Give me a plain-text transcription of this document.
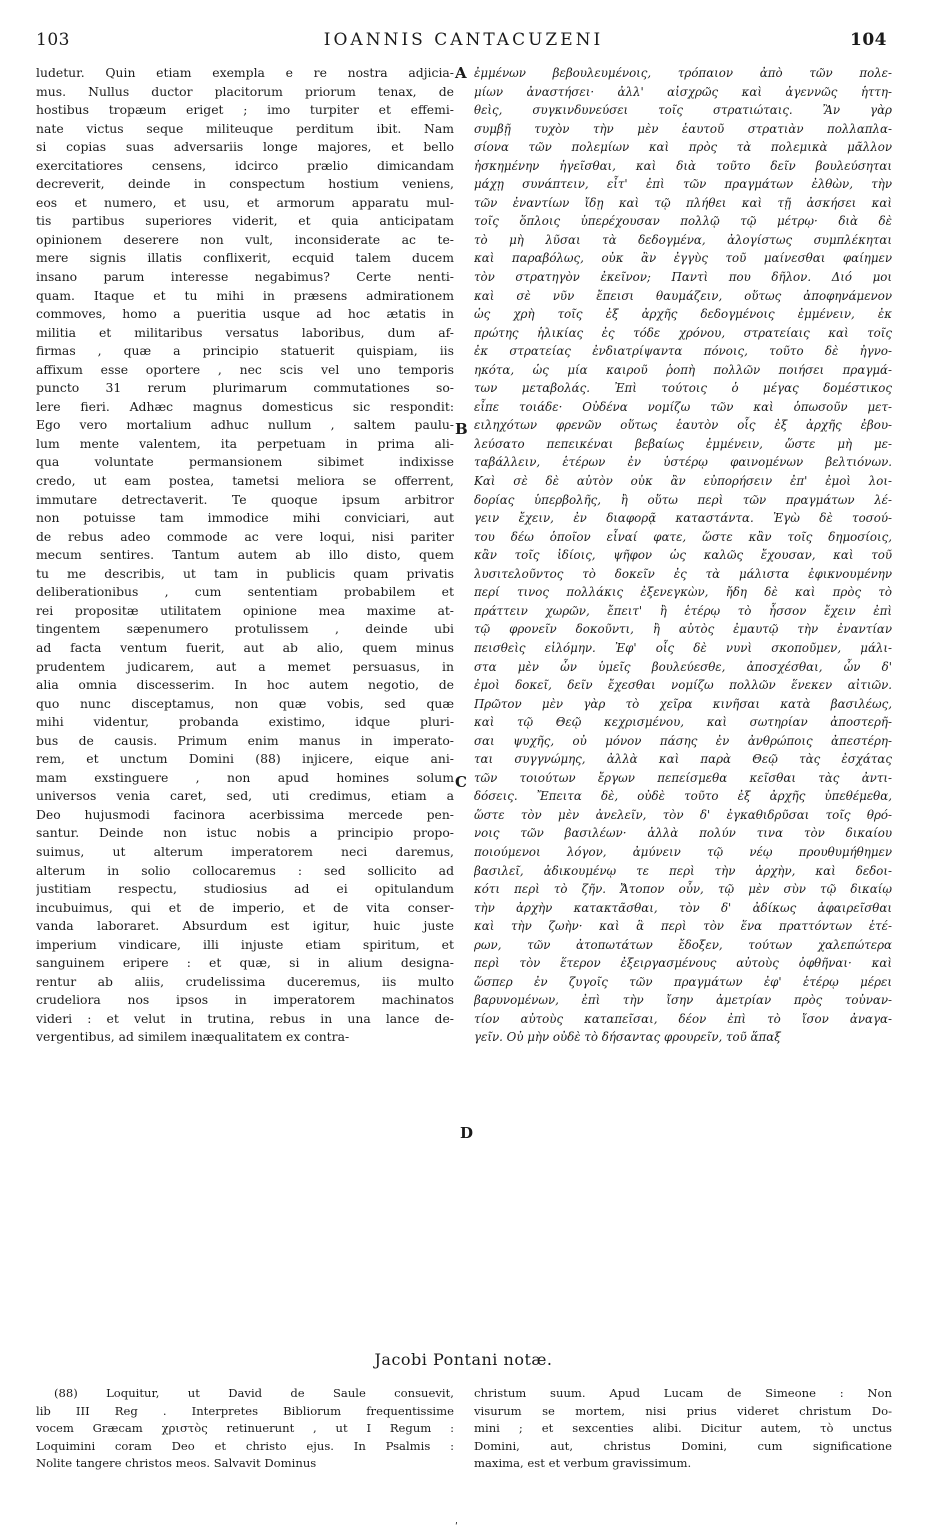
103	IOANNIS CANTACUZENI	104
ludetur. Quin etiam exempla e re nostra adjicia-
mus. Nullus ductor placitorum priorum tenax, de
hostibus tropæum eriget ; imo turpiter et effemi-
nate victus seque militeuque perditum ibit. Nam
si copias suas adversariis longe majores, et bello
exercitatiores censens, idcirco prælio dimicandam
decreverit, deinde in conspectum hostium veniens,
eos et numero, et usu, et armorum apparatu mul-
tis partibus superiores viderit, et quia anticipatam
opinionem deserere non vult, inconsiderate ac te-
mere signis illatis conflixerit, ecquid talem ducem
insano parum interesse negabimus? Certe nenti-
quam. Itaque et tu mihi in præsens admirationem
commoves, homo a pueritia usque ad hoc ætatis in
militia et militaribus versatus laboribus, dum af-
firmas , quæ a principio statuerit quispiam, iis
affixum esse oportere , nec scis vel uno temporis
puncto 31 rerum plurimarum commutationes so-
lere fieri. Adhæc magnus domesticus sic respondit:
Ego vero mortalium adhuc nullum , saltem paulu-
lum mente valentem, ita perpetuam in prima ali-
qua voluntate permansionem sibimet indixisse
credo, ut eam postea, tametsi meliora se offerrent,
immutare detrectaverit. Te quoque ipsum arbitror
non potuisse tam immodice mihi conviciari, aut
de rebus adeo commode ac vere loqui, nisi pariter
mecum sentires. Tantum autem ab illo disto, quem
tu me describis, ut tam in publicis quam privatis
deliberationibus , cum sententiam probabilem et
rei propositæ utilitatem opinione mea maxime at-
tingentem sæpenumero protulissem , deinde ubi
ad facta ventum fuerit, aut ab alio, quem minus
prudentem judicarem, aut a memet persuasus, in
alia omnia discesserim. In hoc autem negotio, de
quo nunc disceptamus, non quæ vobis, sed quæ
mihi videntur, probanda existimo, idque pluri-
bus de causis. Primum enim manus in imperato-
rem, et unctum Domini (88) injicere, eique ani-
mam exstinguere , non apud homines solum
universos venia caret, sed, uti credimus, etiam a
Deo hujusmodi facinora acerbissima mercede pen-
santur. Deinde non istuc nobis a principio propo-
suimus, ut alterum imperatorem neci daremus,
alterum in solio collocaremus : sed sollicito ad
justitiam respectu, studiosius ad ei opitulandum
incubuimus, qui et de imperio, et de vita conser-
vanda laboraret. Absurdum est igitur, huic juste
imperium vindicare, illi injuste etiam spiritum, et
sanguinem eripere : et quæ, si in alium designa-
rentur ab aliis, crudelissima duceremus, iis multo
crudeliora nos ipsos in imperatorem machinatos
videri : et velut in trutina, rebus in una lance de-
vergentibus, ad similem inæqualitatem ex contra-
ἐμμένων βεβουλευμένοις, τρόπαιον ἀπὸ τῶν πολε-
μίων ἀναστήσει· ἀλλ' αἰσχρῶς καὶ ἀγεννῶς ἡττη-
θεὶς, συγκινδυνεύσει τοῖς στρατιώταις. Ἂν γὰρ
συμβῇ τυχὸν τὴν μὲν ἑαυτοῦ στρατιὰν πολλαπλα-
σίονα τῶν πολεμίων καὶ πρὸς τὰ πολεμικὰ μᾶλλον
ἠσκημένην ἡγεῖσθαι, καὶ διὰ τοῦτο δεῖν βουλεύσηται
μάχῃ συνάπτειν, εἶτ' ἐπὶ τῶν πραγμάτων ἐλθὼν, τὴν
τῶν ἐναντίων ἴδῃ καὶ τῷ πλήθει καὶ τῇ ἀσκήσει καὶ
τοῖς ὅπλοις ὑπερέχουσαν πολλῷ τῷ μέτρῳ· διὰ δὲ
τὸ μὴ λῦσαι τὰ δεδογμένα, ἀλογίστως συμπλέκηται
καὶ παραβόλως, οὐκ ἂν ἐγγὺς τοῦ μαίνεσθαι φαίημεν
τὸν στρατηγὸν ἐκεῖνον; Παντὶ που δῆλον. Διό μοι
καὶ σὲ νῦν ἔπεισι θαυμάζειν, οὕτως ἀποφηνάμενον
ὡς χρὴ τοῖς ἐξ ἀρχῆς δεδογμένοις ἐμμένειν, ἐκ
πρώτης ἡλικίας ἐς τόδε χρόνου, στρατείαις καὶ τοῖς
ἐκ στρατείας ἐνδιατρίψαντα πόνοις, τοῦτο δὲ ἠγνο-
ηκότα, ὡς μία καιροῦ ῥοπὴ πολλῶν ποιήσει πραγμά-
των μεταβολάς. Ἐπὶ τούτοις ὁ μέγας δομέστικος
εἶπε τοιάδε· Οὐδένα νομίζω τῶν καὶ ὁπωσοῦν μετ-
ειληχότων φρενῶν οὕτως ἑαυτὸν οἷς ἐξ ἀρχῆς ἐβου-
λεύσατο πεπεικέναι βεβαίως ἐμμένειν, ὥστε μὴ με-
ταβάλλειν, ἑτέρων ἐν ὑστέρῳ φαινομένων βελτιόνων.
Καὶ σὲ δὲ αὐτὸν οὐκ ἂν εὐπορήσειν ἐπ' ἐμοὶ λοι-
δορίας ὑπερβολῆς, ἢ οὕτω περὶ τῶν πραγμάτων λέ-
γειν ἔχειν, ἐν διαφορᾷ καταστάντα. Ἐγὼ δὲ τοσού-
του δέω ὁποῖον εἶναί φατε, ὥστε κἂν τοῖς δημοσίοις,
κἂν τοῖς ἰδίοις, ψῆφον ὡς καλῶς ἔχουσαν, καὶ τοῦ
λυσιτελοῦντος τὸ δοκεῖν ἐς τὰ μάλιστα ἐφικνουμένην
περί τινος πολλάκις ἐξενεγκὼν, ἤδη δὲ καὶ πρὸς τὸ
πράττειν χωρῶν, ἔπειτ' ἢ ἑτέρῳ τὸ ἧσσον ἔχειν ἐπὶ
τῷ φρονεῖν δοκοῦντι, ἢ αὐτὸς ἐμαυτῷ τὴν ἐναντίαν
πεισθεὶς εἱλόμην. Ἐφ' οἷς δὲ νυνὶ σκοποῦμεν, μάλι-
στα μὲν ὧν ὑμεῖς βουλεύεσθε, ἀποσχέσθαι, ὧν δ'
ἐμοὶ δοκεῖ, δεῖν ἔχεσθαι νομίζω πολλῶν ἕνεκεν αἰτιῶν.
Πρῶτον μὲν γὰρ τὸ χεῖρα κινῆσαι κατὰ βασιλέως,
καὶ τῷ Θεῷ κεχρισμένου, καὶ σωτηρίαν ἀποστερῆ-
σαι ψυχῆς, οὐ μόνον πάσης ἐν ἀνθρώποις ἀπεστέρη-
ται συγγνώμης, ἀλλὰ καὶ παρὰ Θεῷ τὰς ἐσχάτας
τῶν τοιούτων ἔργων πεπείσμεθα κεῖσθαι τὰς ἀντι-
δόσεις. Ἔπειτα δὲ, οὐδὲ τοῦτο ἐξ ἀρχῆς ὑπεθέμεθα,
ὥστε τὸν μὲν ἀνελεῖν, τὸν δ' ἐγκαθιδρῦσαι τοῖς θρό-
νοις τῶν βασιλέων· ἀλλὰ πολύν τινα τὸν δικαίου
ποιούμενοι λόγον, ἀμύνειν τῷ νέῳ προυθυμήθημεν
βασιλεῖ, ἀδικουμένῳ τε περὶ τὴν ἀρχὴν, καὶ δεδοι-
κότι περὶ τὸ ζῆν. Ἄτοπον οὖν, τῷ μὲν σὺν τῷ δικαίῳ
τὴν ἀρχὴν κατακτᾶσθαι, τὸν δ' ἀδίκως ἀφαιρεῖσθαι
καὶ τὴν ζωὴν· καὶ ἃ περὶ τὸν ἕνα πραττόντων ἑτέ-
ρων, τῶν ἀτοπωτάτων ἔδοξεν, τούτων χαλεπώτερα
περὶ τὸν ἕτερον ἐξειργασμένους αὐτοὺς ὀφθῆναι· καὶ
ὥσπερ ἐν ζυγοῖς τῶν πραγμάτων ἐφ' ἑτέρῳ μέρει
βαρυνομένων, ἐπὶ τὴν ἴσην ἀμετρίαν πρὸς τοὐναν-
τίον αὐτοὺς καταπεῖσαι, δέον ἐπὶ τὸ ἴσον ἀναγα-
γεῖν. Οὐ μὴν οὐδὲ τὸ δήσαντας φρουρεῖν, τοῦ ἅπαξ
A
B
C
D
Jacobi Pontani notæ.
(88) Loquitur, ut David de Saule consuevit,
lib III Reg . Interpretes Bibliorum frequentissime
vocem Græcam χριστὸς retinuerunt , ut I Regum :
Loquimini coram Deo et christo ejus. In Psalmis :
Nolite tangere christos meos. Salvavit Dominus
christum suum. Apud Lucam de Simeone : Non
visurum se mortem, nisi prius videret christum Do-
mini ; et sexcenties alibi. Dicitur autem, τὸ unctus
Domini, aut, christus Domini, cum significatione
maxima, est et verbum gravissimum.
ʹ
